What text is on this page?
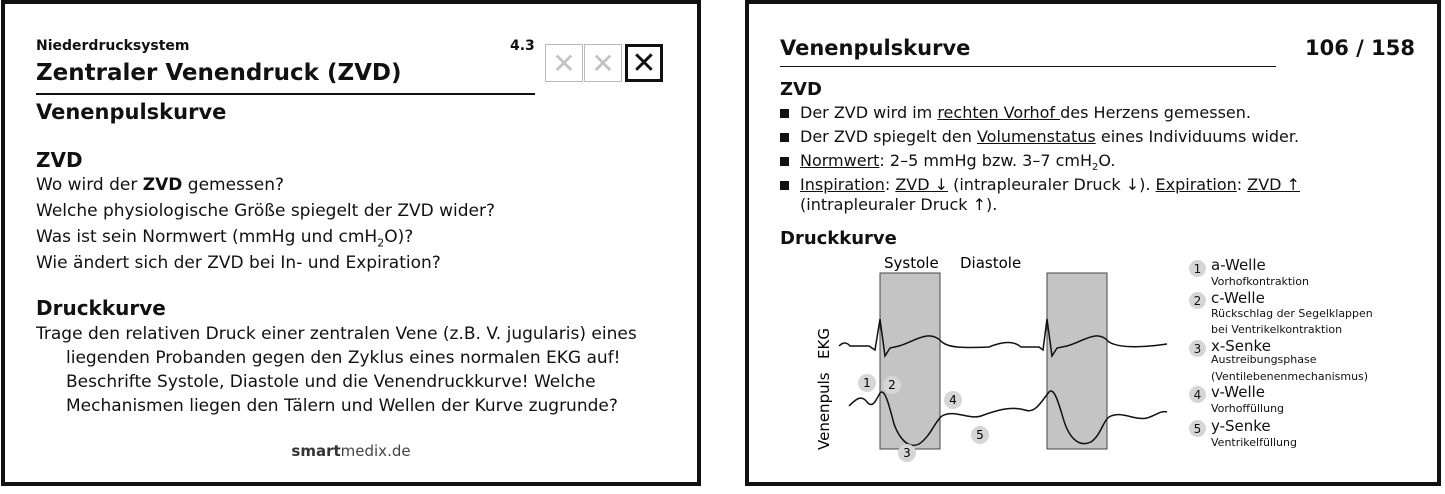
Niederdrucksystem	4.3

Zentraler Venendruck (ZVD)

Venenpulskurve

✕ ✕ ✕

ZVD

Wo wird der ZVD gemessen?

Welche physiologische Größe spiegelt der ZVD wider?

Was ist sein Normwert (mmHg und cmH$_2$O)?

Wie ändert sich der ZVD bei In- und Expiration?

Druckkurve

Trage den relativen Druck einer zentralen Vene (z.B. V. jugularis) eines liegenden Probanden gegen den Zyklus eines normalen EKG auf! Beschrifte Systole, Diastole und die Venendruckkurve! Welche Mechanismen liegen den Tälern und Wellen der Kurve zugrunde?

smartmedix.de

Venenpulskurve	106 / 158

ZVD

Der ZVD wird im rechten Vorhof des Herzens gemessen.
Der ZVD spiegelt den Volumenstatus eines Individuums wider.
Normwert: 2–5 mmHg bzw. 3–7 cmH$_2$O.
Inspiration: ZVD ↓ (intrapleuraler Druck ↓). Expiration: ZVD ↑ (intrapleuraler Druck ↑).

Druckkurve

Systole Diastole
EKG
Venenpuls	1 2
3
4
5
1 a-Welle
Vorhofkontraktion
2 c-Welle
Rückschlag der Segelklappen
bei Ventrikelkontraktion
3 x-Senke
Austreibungsphase
(Ventilebenenmechanismus)
4 v-Welle
Vorhoffüllung
5 y-Senke
Ventrikelfüllung
